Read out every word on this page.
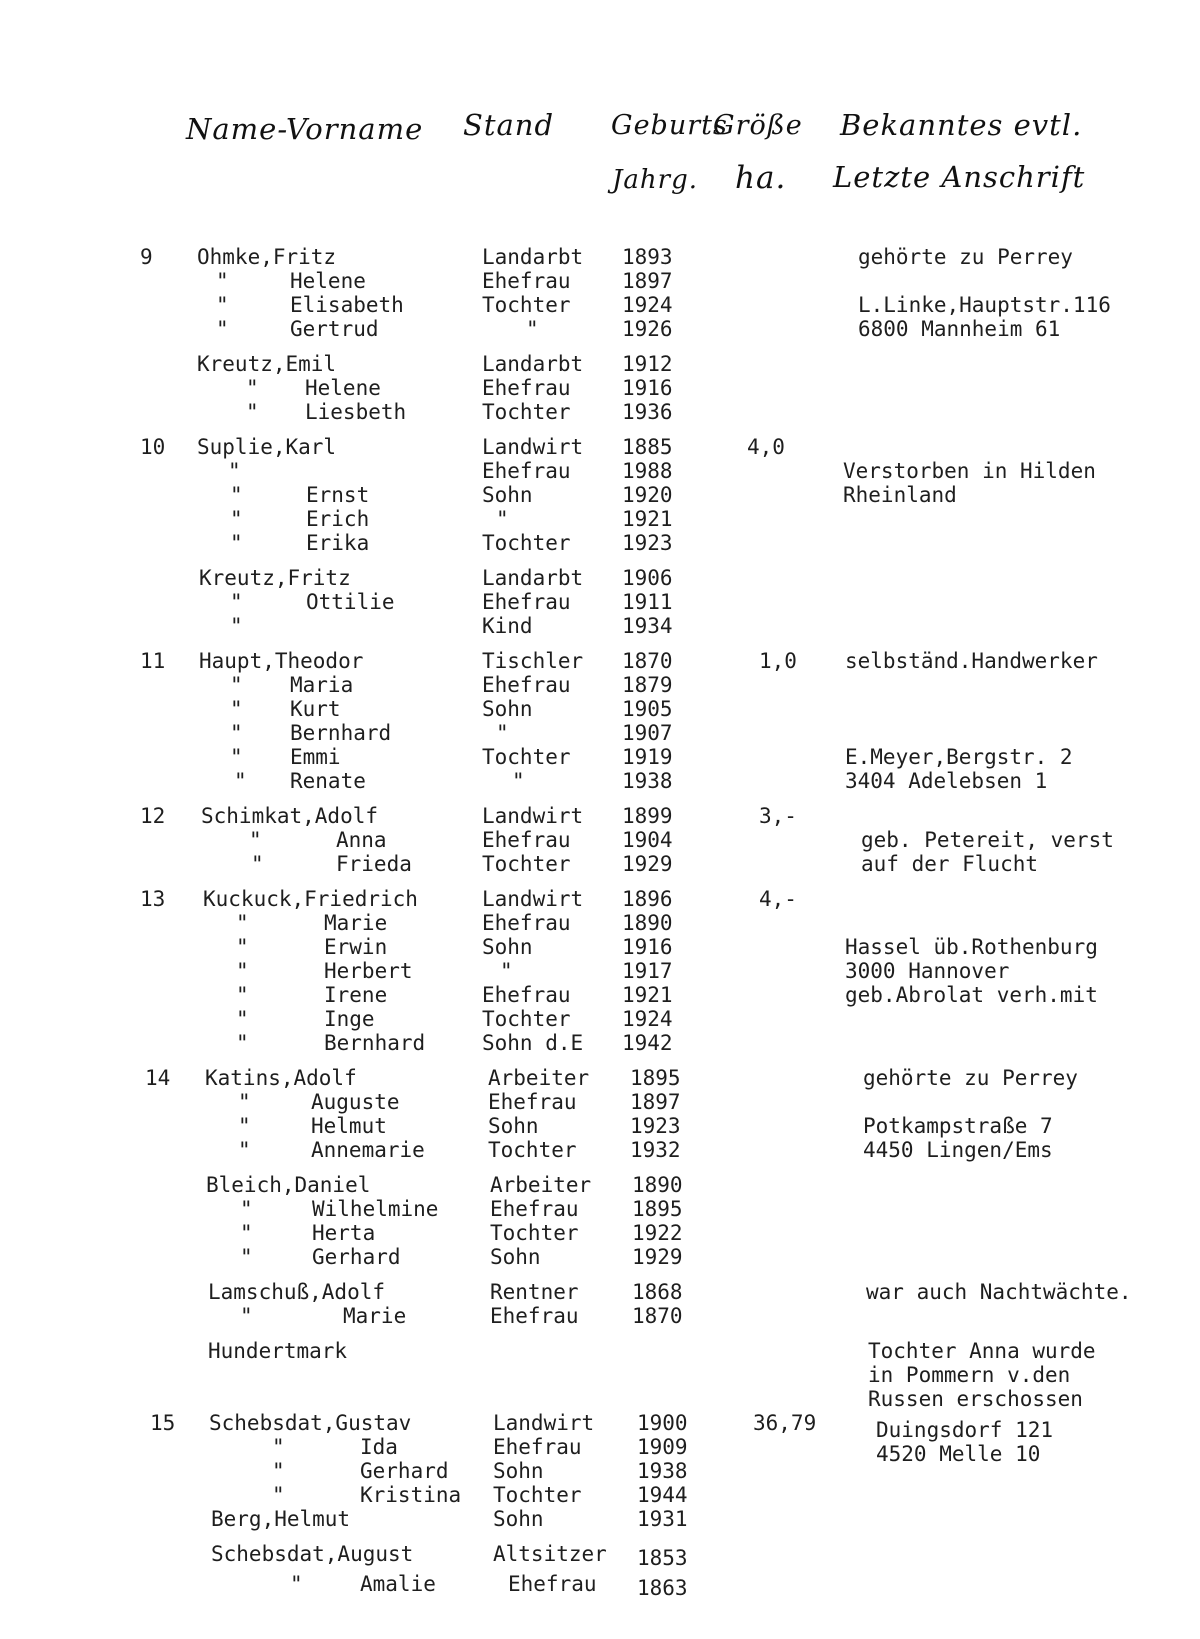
Name-Vorname Stand Geburts
Größe Bekanntes evtl.
Jahrg. ha. Letzte Anschrift
9 Ohmke,Fritz	Landarbt 1893	gehörte zu Perrey
"	Helene	Ehefrau 1897
"	Elisabeth	Tochter 1924	L.Linke,Hauptstr.116
"	Gertrud	"	1926	6800 Mannheim 61
Kreutz,Emil	Landarbt 1912
" Helene	Ehefrau 1916
" Liesbeth	Tochter 1936
10 Suplie,Karl	Landwirt 1885	4,0
"	Ehefrau 1988	Verstorben in Hilden
"	Ernst	Sohn	1920	Rheinland
"	Erich	"	1921
"	Erika	Tochter 1923
Kreutz,Fritz	Landarbt 1906
"	Ottilie	Ehefrau 1911
"	Kind	1934
11 Haupt,Theodor	Tischler 1870	1,0 selbständ.Handwerker
" Maria	Ehefrau 1879
" Kurt	Sohn	1905
" Bernhard	"	1907
" Emmi	Tochter 1919	E.Meyer,Bergstr. 2
" Renate	"	1938	3404 Adelebsen 1
12 Schimkat,Adolf	Landwirt 1899	3,-
"	Anna	Ehefrau 1904	geb. Petereit, verst
"	Frieda	Tochter 1929	auf der Flucht
13 Kuckuck,Friedrich	Landwirt 1896	4,-
"	Marie	Ehefrau 1890
"	Erwin	Sohn	1916	Hassel üb.Rothenburg
"	Herbert	"	1917	3000 Hannover
"	Irene	Ehefrau 1921	geb.Abrolat verh.mit
"	Inge	Tochter 1924
"	Bernhard	Sohn d.E 1942
14 Katins,Adolf	Arbeiter 1895	gehörte zu Perrey
"	Auguste	Ehefrau	1897
"	Helmut	Sohn	1923	Potkampstraße 7
"	Annemarie	Tochter	1932	4450 Lingen/Ems
Bleich,Daniel	Arbeiter 1890
"	Wilhelmine Ehefrau	1895
"	Herta	Tochter	1922
"	Gerhard	Sohn	1929
Lamschuß,Adolf	Rentner	1868	war auch Nachtwächte.
"	Marie	Ehefrau	1870
Hundertmark	Tochter Anna wurde
in Pommern v.den
Russen erschossen
15 Schebsdat,Gustav	Landwirt 1900	36,79	Duingsdorf 121
"	Ida	Ehefrau	1909	4520 Melle 10
"	Gerhard Sohn	1938
"	Kristina Tochter	1944
Berg,Helmut	Sohn	1931
Schebsdat,August	Altsitzer 1853
"	Amalie	Ehefrau 1863
